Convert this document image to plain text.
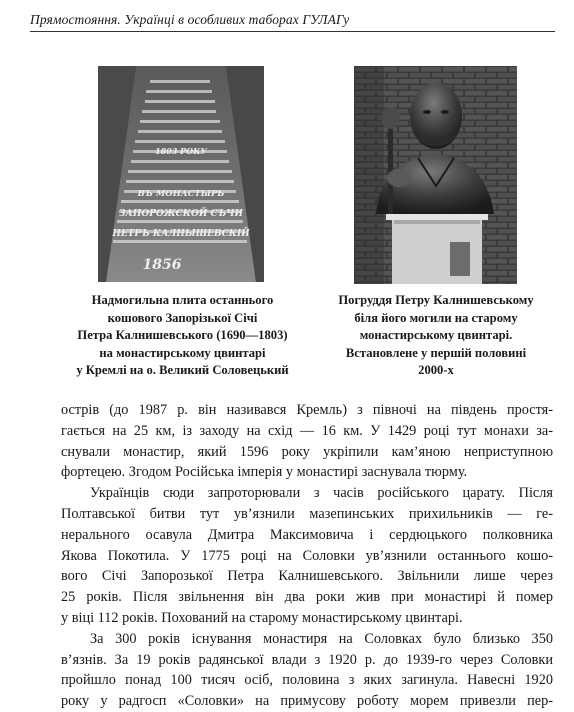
Прямостояння. Українці в особливих таборах ГУЛАГу
1803 РОКУ
ВЪ МОНАСТЫРЬ
ЗАПОРОЖСКОЙ СЪЧИ
ПЕТРЪ КАЛНЫШЕВСКІЙ
1856
Надмогильна плита останнього
кошового Запорізької Січі
Петра Калнишевського (1690—1803)
на монастирському цвинтарі
у Кремлі на о. Великий Соловецький
Погруддя Петру Калнишевському
біля його могили на старому
монастирському цвинтарі.
Встановлене у першій половині
2000-х

острів (до 1987 р. він називався Кремль) з півночі на південь простя-
гається на 25 км, із заходу на схід — 16 км. У 1429 році тут монахи за-
снували монастир, який 1596 року укріпили кам’яною неприступною
фортецею. Згодом Російська імперія у монастирі заснувала тюрму.

Українців сюди запроторювали з часів російського царату. Після
Полтавської битви тут ув’язнили мазепинських прихильників — ге-
нерального осавула Дмитра Максимовича і сердюцького полковника
Якова Покотила. У 1775 році на Соловки ув’язнили останнього кошо-
вого Січі Запорозької Петра Калнишевського. Звільнили лише через
25 років. Після звільнення він два роки жив при монастирі й помер
у віці 112 років. Похований на старому монастирському цвинтарі.

За 300 років існування монастиря на Соловках було близько 350
в’язнів. За 19 років радянської влади з 1920 р. до 1939-го через Соловки
пройшло понад 100 тисяч осіб, половина з яких загинула. Навесні 1920
року у радгосп «Соловки» на примусову роботу морем привезли пер-
